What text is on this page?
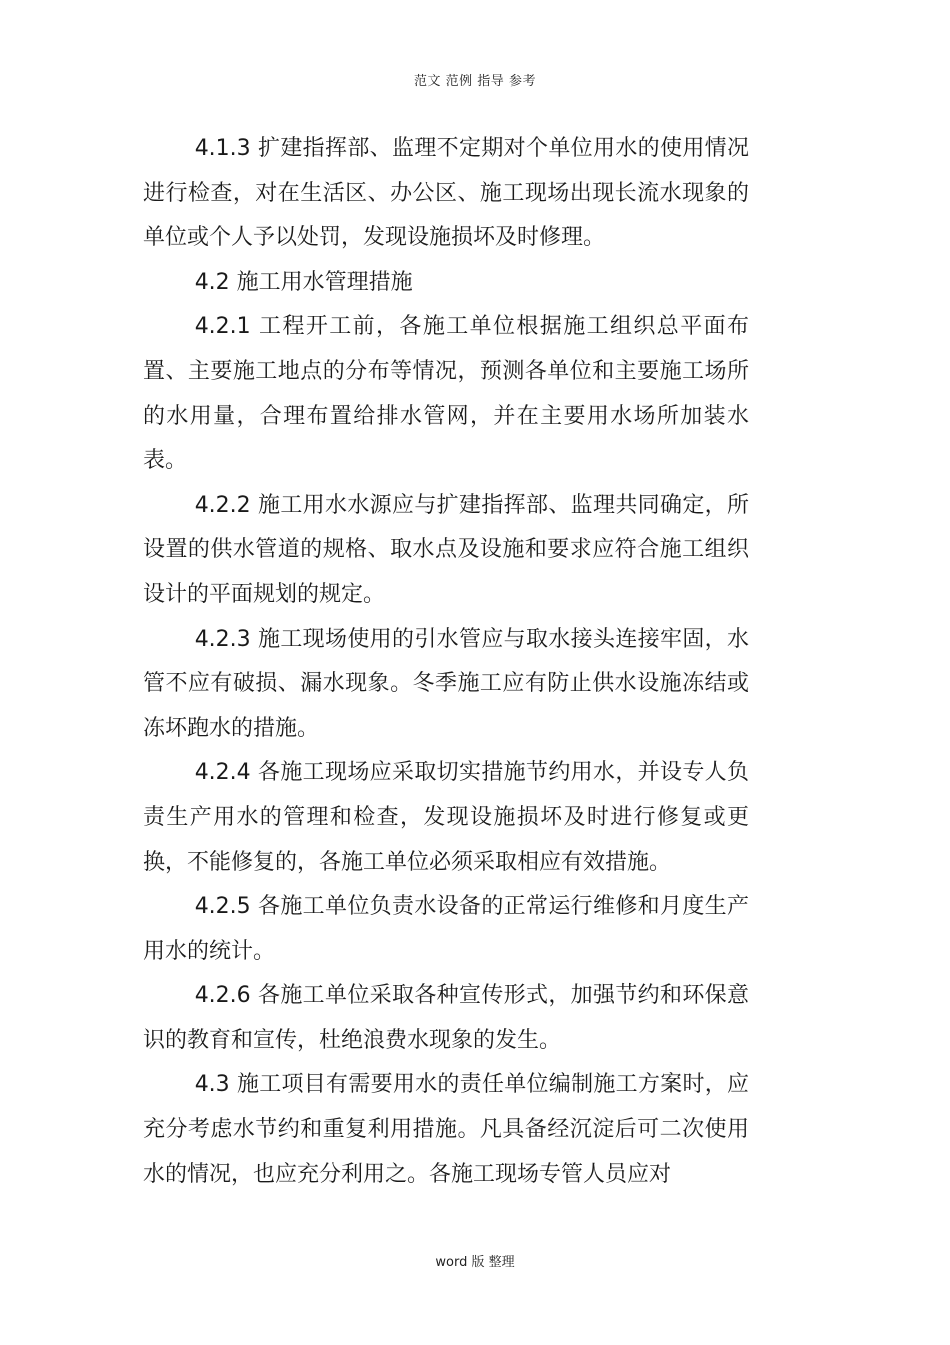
范文 范例 指导 参考

4.1.3 扩建指挥部、监理不定期对个单位用水的使用情况进行检查，对在生活区、办公区、施工现场出现长流水现象的单位或个人予以处罚，发现设施损坏及时修理。

4.2 施工用水管理措施

4.2.1 工程开工前，各施工单位根据施工组织总平面布置、主要施工地点的分布等情况，预测各单位和主要施工场所的水用量，合理布置给排水管网，并在主要用水场所加装水表。

4.2.2 施工用水水源应与扩建指挥部、监理共同确定，所设置的供水管道的规格、取水点及设施和要求应符合施工组织设计的平面规划的规定。

4.2.3 施工现场使用的引水管应与取水接头连接牢固，水管不应有破损、漏水现象。冬季施工应有防止供水设施冻结或冻坏跑水的措施。

4.2.4 各施工现场应采取切实措施节约用水，并设专人负责生产用水的管理和检查，发现设施损坏及时进行修复或更换，不能修复的，各施工单位必须采取相应有效措施。

4.2.5 各施工单位负责水设备的正常运行维修和月度生产用水的统计。

4.2.6 各施工单位采取各种宣传形式，加强节约和环保意识的教育和宣传，杜绝浪费水现象的发生。

4.3 施工项目有需要用水的责任单位编制施工方案时，应充分考虑水节约和重复利用措施。凡具备经沉淀后可二次使用水的情况，也应充分利用之。各施工现场专管人员应对

word 版 整理
